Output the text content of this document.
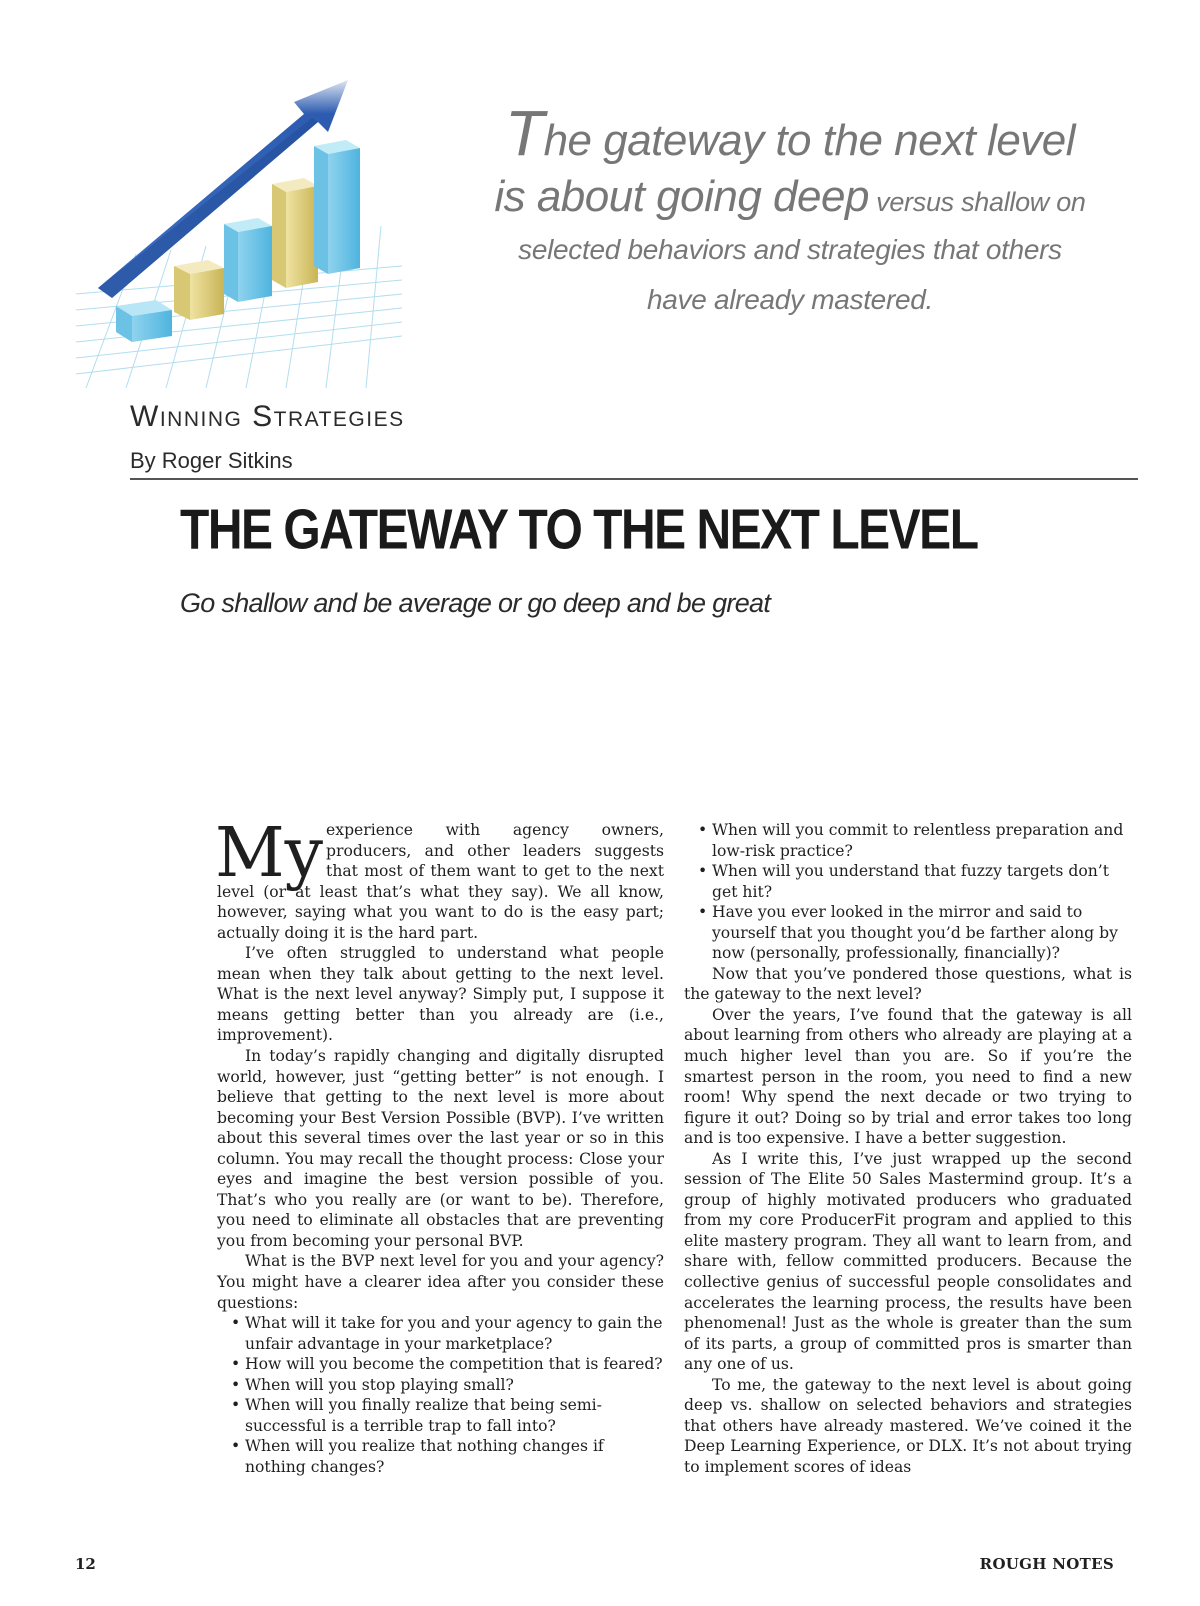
The gateway to the next level
is about going deep versus shallow on
selected behaviors and strategies that others
have already mastered.
Winning Strategies
By Roger Sitkins
THE GATEWAY TO THE NEXT LEVEL
Go shallow and be average or go deep and be great

My experience with agency owners, producers, and other leaders suggests that most of them want to get to the next level (or at least that’s what they say). We all know, however, saying what you want to do is the easy part; actually doing it is the hard part.

I’ve often struggled to understand what people mean when they talk about getting to the next level. What is the next level anyway? Simply put, I suppose it means getting better than you already are (i.e., improvement).

In today’s rapidly changing and digitally disrupted world, however, just “getting better” is not enough. I believe that getting to the next level is more about becoming your Best Version Possible (BVP). I’ve written about this several times over the last year or so in this column. You may recall the thought process: Close your eyes and imagine the best version possible of you. That’s who you really are (or want to be). Therefore, you need to eliminate all obstacles that are preventing you from becoming your personal BVP.

What is the BVP next level for you and your agency? You might have a clearer idea after you consider these questions:

• What will it take for you and your agency to gain the unfair advantage in your marketplace?
• How will you become the competition that is feared?
• When will you stop playing small?
• When will you finally realize that being semi-successful is a terrible trap to fall into?
• When will you realize that nothing changes if nothing changes?
• When will you commit to relentless preparation and low-risk practice?
• When will you understand that fuzzy targets don’t get hit?
• Have you ever looked in the mirror and said to yourself that you thought you’d be farther along by now (personally, professionally, financially)?

Now that you’ve pondered those questions, what is the gateway to the next level?

Over the years, I’ve found that the gateway is all about learning from others who already are playing at a much higher level than you are. So if you’re the smartest person in the room, you need to find a new room! Why spend the next decade or two trying to figure it out? Doing so by trial and error takes too long and is too expensive. I have a better suggestion.

As I write this, I’ve just wrapped up the second session of The Elite 50 Sales Mastermind group. It’s a group of highly motivated producers who graduated from my core ProducerFit program and applied to this elite mastery program. They all want to learn from, and share with, fellow committed producers. Because the collective genius of successful people consolidates and accelerates the learning process, the results have been phenomenal! Just as the whole is greater than the sum of its parts, a group of committed pros is smarter than any one of us.

To me, the gateway to the next level is about going deep vs. shallow on selected behaviors and strategies that others have already mastered. We’ve coined it the Deep Learning Experience, or DLX. It’s not about trying to implement scores of ideas

12	ROUGH NOTES
